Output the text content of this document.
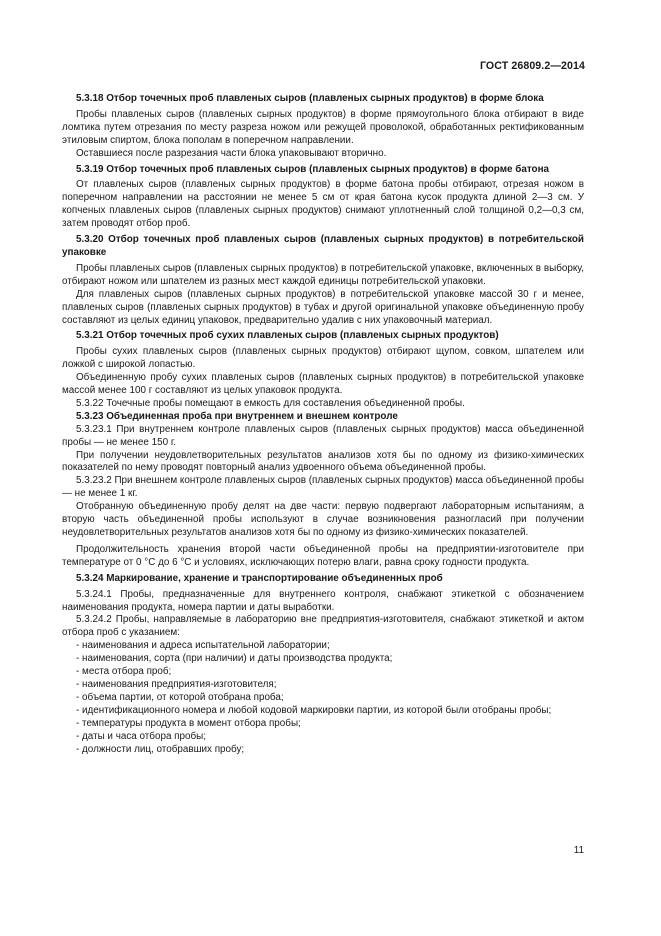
ГОСТ 26809.2—2014

5.3.18 Отбор точечных проб плавленых сыров (плавленых сырных продуктов) в форме блока

Пробы плавленых сыров (плавленых сырных продуктов) в форме прямоугольного блока отбирают в виде ломтика путем отрезания по месту разреза ножом или режущей проволокой, обработанных ректификованным этиловым спиртом, блока пополам в поперечном направлении.

Оставшиеся после разрезания части блока упаковывают вторично.

5.3.19 Отбор точечных проб плавленых сыров (плавленых сырных продуктов) в форме батона

От плавленых сыров (плавленых сырных продуктов) в форме батона пробы отбирают, отрезая ножом в поперечном направлении на расстоянии не менее 5 см от края батона кусок продукта длиной 2—3 см. У копченых плавленых сыров (плавленых сырных продуктов) снимают уплотненный слой толщиной 0,2—0,3 см, затем проводят отбор проб.

5.3.20 Отбор точечных проб плавленых сыров (плавленых сырных продуктов) в потребительской упаковке

Пробы плавленых сыров (плавленых сырных продуктов) в потребительской упаковке, включенных в выборку, отбирают ножом или шпателем из разных мест каждой единицы потребительской упаковки.

Для плавленых сыров (плавленых сырных продуктов) в потребительской упаковке массой 30 г и менее, плавленых сыров (плавленых сырных продуктов) в тубах и другой оригинальной упаковке объединенную пробу составляют из целых единиц упаковок, предварительно удалив с них упаковочный материал.

5.3.21 Отбор точечных проб сухих плавленых сыров (плавленых сырных продуктов)

Пробы сухих плавленых сыров (плавленых сырных продуктов) отбирают щупом, совком, шпателем или ложкой с широкой лопастью.

Объединенную пробу сухих плавленых сыров (плавленых сырных продуктов) в потребительской упаковке массой менее 100 г составляют из целых упаковок продукта.

5.3.22 Точечные пробы помещают в емкость для составления объединенной пробы.

5.3.23 Объединенная проба при внутреннем и внешнем контроле

5.3.23.1 При внутреннем контроле плавленых сыров (плавленых сырных продуктов) масса объединенной пробы — не менее 150 г.

При получении неудовлетворительных результатов анализов хотя бы по одному из физико-химических показателей по нему проводят повторный анализ удвоенного объема объединенной пробы.

5.3.23.2 При внешнем контроле плавленых сыров (плавленых сырных продуктов) масса объединенной пробы — не менее 1 кг.

Отобранную объединенную пробу делят на две части: первую подвергают лабораторным испытаниям, а вторую часть объединенной пробы используют в случае возникновения разногласий при получении неудовлетворительных результатов анализов хотя бы по одному из физико-химических показателей.

Продолжительность хранения второй части объединенной пробы на предприятии-изготовителе при температуре от 0 °С до 6 °С и условиях, исключающих потерю влаги, равна сроку годности продукта.

5.3.24 Маркирование, хранение и транспортирование объединенных проб

5.3.24.1 Пробы, предназначенные для внутреннего контроля, снабжают этикеткой с обозначением наименования продукта, номера партии и даты выработки.

5.3.24.2 Пробы, направляемые в лабораторию вне предприятия-изготовителя, снабжают этикеткой и актом отбора проб с указанием:

- наименования и адреса испытательной лаборатории;

- наименования, сорта (при наличии) и даты производства продукта;

- места отбора проб;

- наименования предприятия-изготовителя;

- объема партии, от которой отобрана проба;

- идентификационного номера и любой кодовой маркировки партии, из которой были отобраны пробы;

- температуры продукта в момент отбора пробы;

- даты и часа отбора пробы;

- должности лиц, отобравших пробу;

11
